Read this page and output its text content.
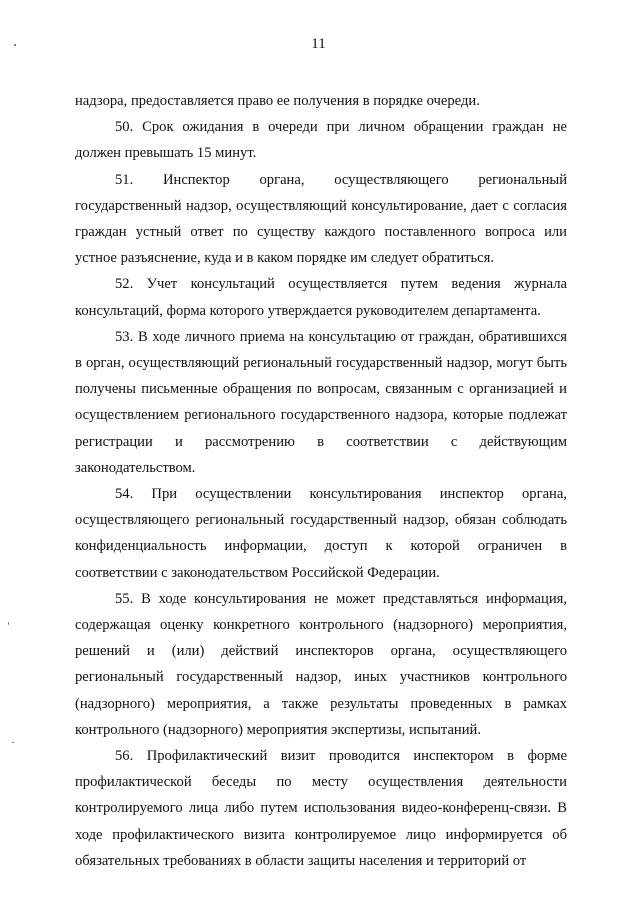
11

надзора, предоставляется право ее получения в порядке очереди.

50. Срок ожидания в очереди при личном обращении граждан не должен превышать 15 минут.

51. Инспектор органа, осуществляющего региональный государственный надзор, осуществляющий консультирование, дает с согласия граждан устный ответ по существу каждого поставленного вопроса или устное разъяснение, куда и в каком порядке им следует обратиться.

52. Учет консультаций осуществляется путем ведения журнала консультаций, форма которого утверждается руководителем департамента.

53. В ходе личного приема на консультацию от граждан, обратившихся в орган, осуществляющий региональный государственный надзор, могут быть получены письменные обращения по вопросам, связанным с организацией и осуществлением регионального государственного надзора, которые подлежат регистрации и рассмотрению в соответствии с действующим законодательством.

54. При осуществлении консультирования инспектор органа, осуществляющего региональный государственный надзор, обязан соблюдать конфиденциальность информации, доступ к которой ограничен в соответствии с законодательством Российской Федерации.

55. В ходе консультирования не может представляться информация, содержащая оценку конкретного контрольного (надзорного) мероприятия, решений и (или) действий инспекторов органа, осуществляющего региональный государственный надзор, иных участников контрольного (надзорного) мероприятия, а также результаты проведенных в рамках контрольного (надзорного) мероприятия экспертизы, испытаний.

56. Профилактический визит проводится инспектором в форме профилактической беседы по месту осуществления деятельности контролируемого лица либо путем использования видео-конференц-связи. В ходе профилактического визита контролируемое лицо информируется об обязательных требованиях в области защиты населения и территорий от
